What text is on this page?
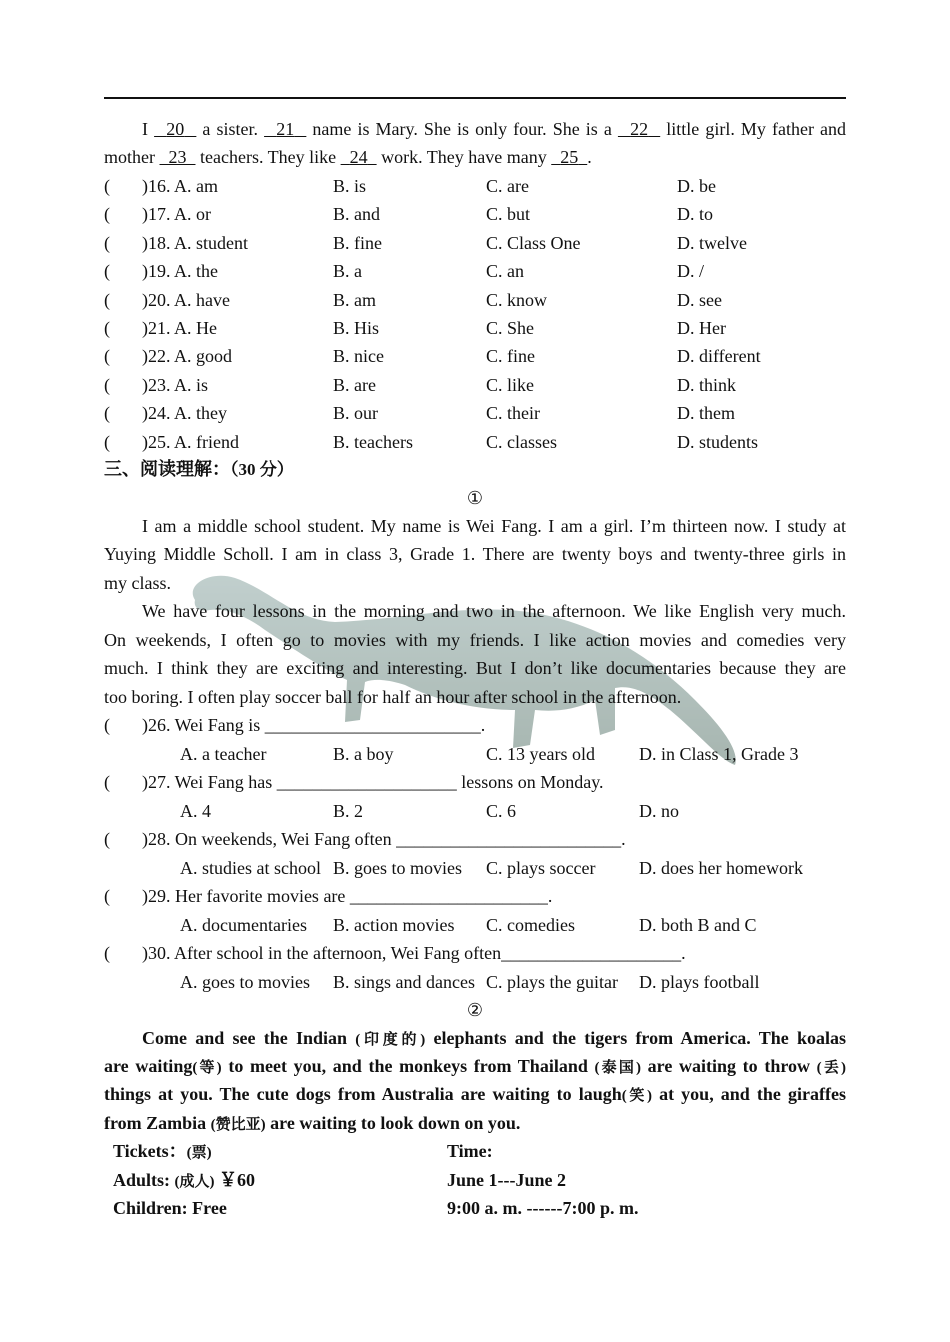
I   20   a sister.   21   name is Mary. She is only four. She is a   22   little girl. My father and
mother   23   teachers. They like   24   work. They have many   25 .
( )16. A. am	B. is	C. are	D. be
( )17. A. or	B. and	C. but	D. to
( )18. A. student	B. fine	C. Class One	D. twelve
( )19. A. the	B. a	C. an	D. /
( )20. A. have	B. am	C. know	D. see
( )21. A. He	B. His	C. She	D. Her
( )22. A. good	B. nice	C. fine	D. different
( )23. A. is	B. are	C. like	D. think
( )24. A. they	B. our	C. their	D. them
( )25. A. friend	B. teachers	C. classes	D. students
三、阅读理解：（30 分）
①
I am a middle school student. My name is Wei Fang. I am a girl. I’m thirteen now. I study at
Yuying Middle Scholl. I am in class 3, Grade 1. There are twenty boys and twenty-three girls in
my class.
We have four lessons in the morning and two in the afternoon. We like English very much.
On weekends, I often go to movies with my friends. I like action movies and comedies very
much. I think they are exciting and interesting. But I don’t like documentaries because they are
too boring. I often play soccer ball for half an hour after school in the afternoon.
( )26. Wei Fang is ________________________.
A. a teacher	B. a boy	C. 13 years old D. in Class 1, Grade 3
( )27. Wei Fang has ____________________ lessons on Monday.
A. 4	B. 2	C. 6	D. no
( )28. On weekends, Wei Fang often _________________________.
A. studies at school B. goes to movies C. plays soccer D. does her homework
( )29. Her favorite movies are ______________________.
A. documentaries B. action movies C. comedies	D. both B and C
( )30. After school in the afternoon, Wei Fang often____________________.
A. goes to movies B. sings and dances C. plays the guitar D. plays football
②
Come and see the Indian (印度的) elephants and the tigers from America. The koalas
are waiting(等) to meet you, and the monkeys from Thailand (泰国) are waiting to throw (丢)
things at you. The cute dogs from Australia are waiting to laugh(笑) at you, and the giraffes
from Zambia (赞比亚) are waiting to look down on you.
Tickets：(票)	Time:
Adults: (成人) ￥60	June 1---June 2
Children: Free	9:00 a. m. ------7:00 p. m.
